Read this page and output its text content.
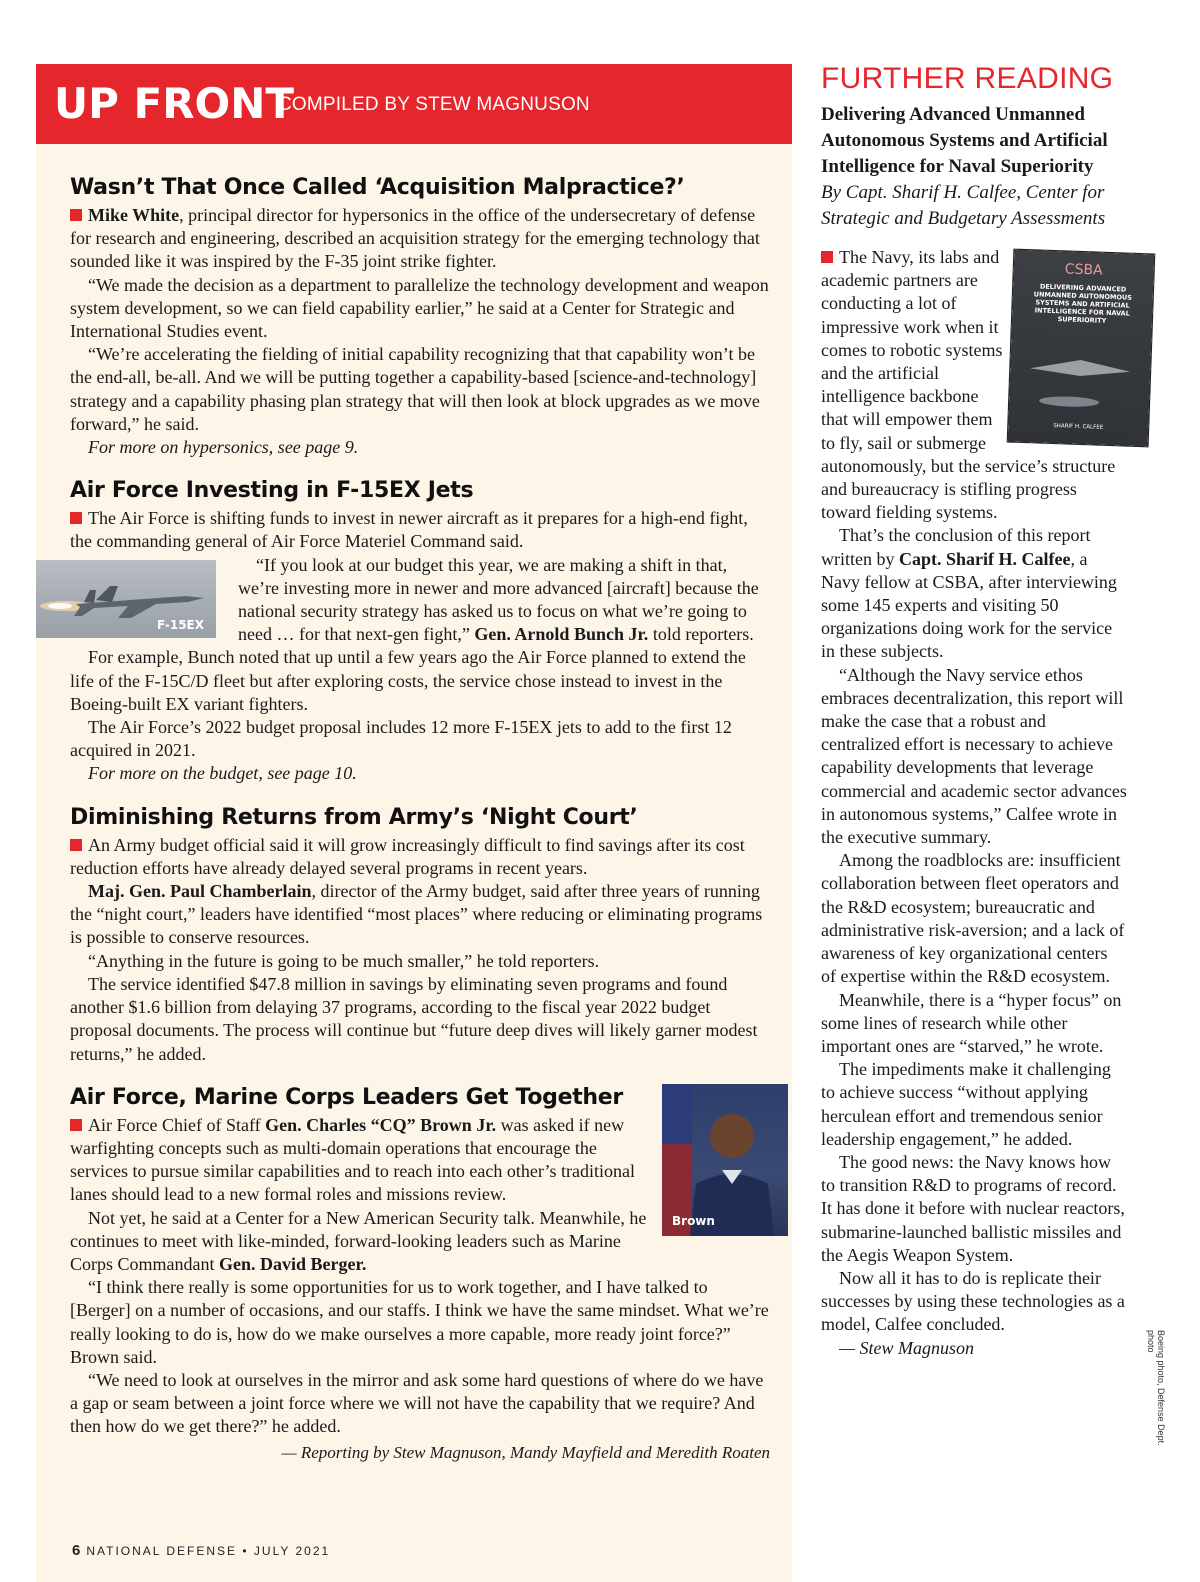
UP FRONT
COMPILED BY STEW MAGNUSON
Wasn’t That Once Called ‘Acquisition Malpractice?’

Mike White, principal director for hypersonics in the office of the undersecretary of defense for research and engineering, described an acquisition strategy for the emerging technology that sounded like it was inspired by the F-35 joint strike fighter.

“We made the decision as a department to parallelize the technology development and weapon system development, so we can field capability earlier,” he said at a Center for Strategic and International Studies event.

“We’re accelerating the fielding of initial capability recognizing that that capability won’t be the end-all, be-all. And we will be putting together a capability-based [science-and-technology] strategy and a capability phasing plan strategy that will then look at block upgrades as we move forward,” he said.

For more on hypersonics, see page 9.

Air Force Investing in F-15EX Jets

The Air Force is shifting funds to invest in newer aircraft as it prepares for a high-end fight, the commanding general of Air Force Materiel Command said.

F-15EX

“If you look at our budget this year, we are making a shift in that, we’re investing more in newer and more advanced [aircraft] because the national security strategy has asked us to focus on what we’re going to need … for that next-gen fight,” Gen. Arnold Bunch Jr. told reporters.

For example, Bunch noted that up until a few years ago the Air Force planned to extend the life of the F-15C/D fleet but after exploring costs, the service chose instead to invest in the Boeing-built EX variant fighters.

The Air Force’s 2022 budget proposal includes 12 more F-15EX jets to add to the first 12 acquired in 2021.

For more on the budget, see page 10.

Diminishing Returns from Army’s ‘Night Court’

An Army budget official said it will grow increasingly difficult to find savings after its cost reduction efforts have already delayed several programs in recent years.

Maj. Gen. Paul Chamberlain, director of the Army budget, said after three years of running the “night court,” leaders have identified “most places” where reducing or eliminating programs is possible to conserve resources.

“Anything in the future is going to be much smaller,” he told reporters.

The service identified $47.8 million in savings by eliminating seven programs and found another $1.6 billion from delaying 37 programs, according to the fiscal year 2022 budget proposal documents. The process will continue but “future deep dives will likely garner modest returns,” he added.

Brown
Air Force, Marine Corps Leaders Get Together

Air Force Chief of Staff Gen. Charles “CQ” Brown Jr. was asked if new warfighting concepts such as multi-domain operations that encourage the services to pursue similar capabilities and to reach into each other’s traditional lanes should lead to a new formal roles and missions review.

Not yet, he said at a Center for a New American Security talk. Meanwhile, he continues to meet with like-minded, forward-looking leaders such as Marine Corps Commandant Gen. David Berger.

“I think there really is some opportunities for us to work together, and I have talked to [Berger] on a number of occasions, and our staffs. I think we have the same mindset. What we’re really looking to do is, how do we make ourselves a more capable, more ready joint force?” Brown said.

“We need to look at ourselves in the mirror and ask some hard questions of where do we have a gap or seam between a joint force where we will not have the capability that we require? And then how do we get there?” he added.

— Reporting by Stew Magnuson, Mandy Mayfield and Meredith Roaten

6 NATIONAL DEFENSE • JULY 2021
FURTHER READING

Delivering Advanced Unmanned Autonomous Systems and Artificial Intelligence for Naval Superiority

By Capt. Sharif H. Calfee, Center for Strategic and Budgetary Assessments

CSBA
DELIVERING ADVANCED UNMANNED AUTONOMOUS SYSTEMS AND ARTIFICIAL INTELLIGENCE FOR NAVAL SUPERIORITY
SHARIF H. CALFEE

The Navy, its labs and academic partners are conducting a lot of impressive work when it comes to robotic systems and the artificial intelligence backbone that will empower them to fly, sail or submerge autonomously, but the service’s structure and bureaucracy is stifling progress toward fielding systems.

That’s the conclusion of this report written by Capt. Sharif H. Calfee, a Navy fellow at CSBA, after interviewing some 145 experts and visiting 50 organizations doing work for the service in these subjects.

“Although the Navy service ethos embraces decentralization, this report will make the case that a robust and centralized effort is necessary to achieve capability developments that leverage commercial and academic sector advances in autonomous systems,” Calfee wrote in the executive summary.

Among the roadblocks are: insufficient collaboration between fleet operators and the R&D ecosystem; bureaucratic and administrative risk-aversion; and a lack of awareness of key organizational centers of expertise within the R&D ecosystem.

Meanwhile, there is a “hyper focus” on some lines of research while other important ones are “starved,” he wrote.

The impediments make it challenging to achieve success “without applying herculean effort and tremendous senior leadership engagement,” he added.

The good news: the Navy knows how to transition R&D to programs of record. It has done it before with nuclear reactors, submarine-launched ballistic missiles and the Aegis Weapon System.

Now all it has to do is replicate their successes by using these technologies as a model, Calfee concluded.

— Stew Magnuson	Boeing photo, Defense Dept. photo
